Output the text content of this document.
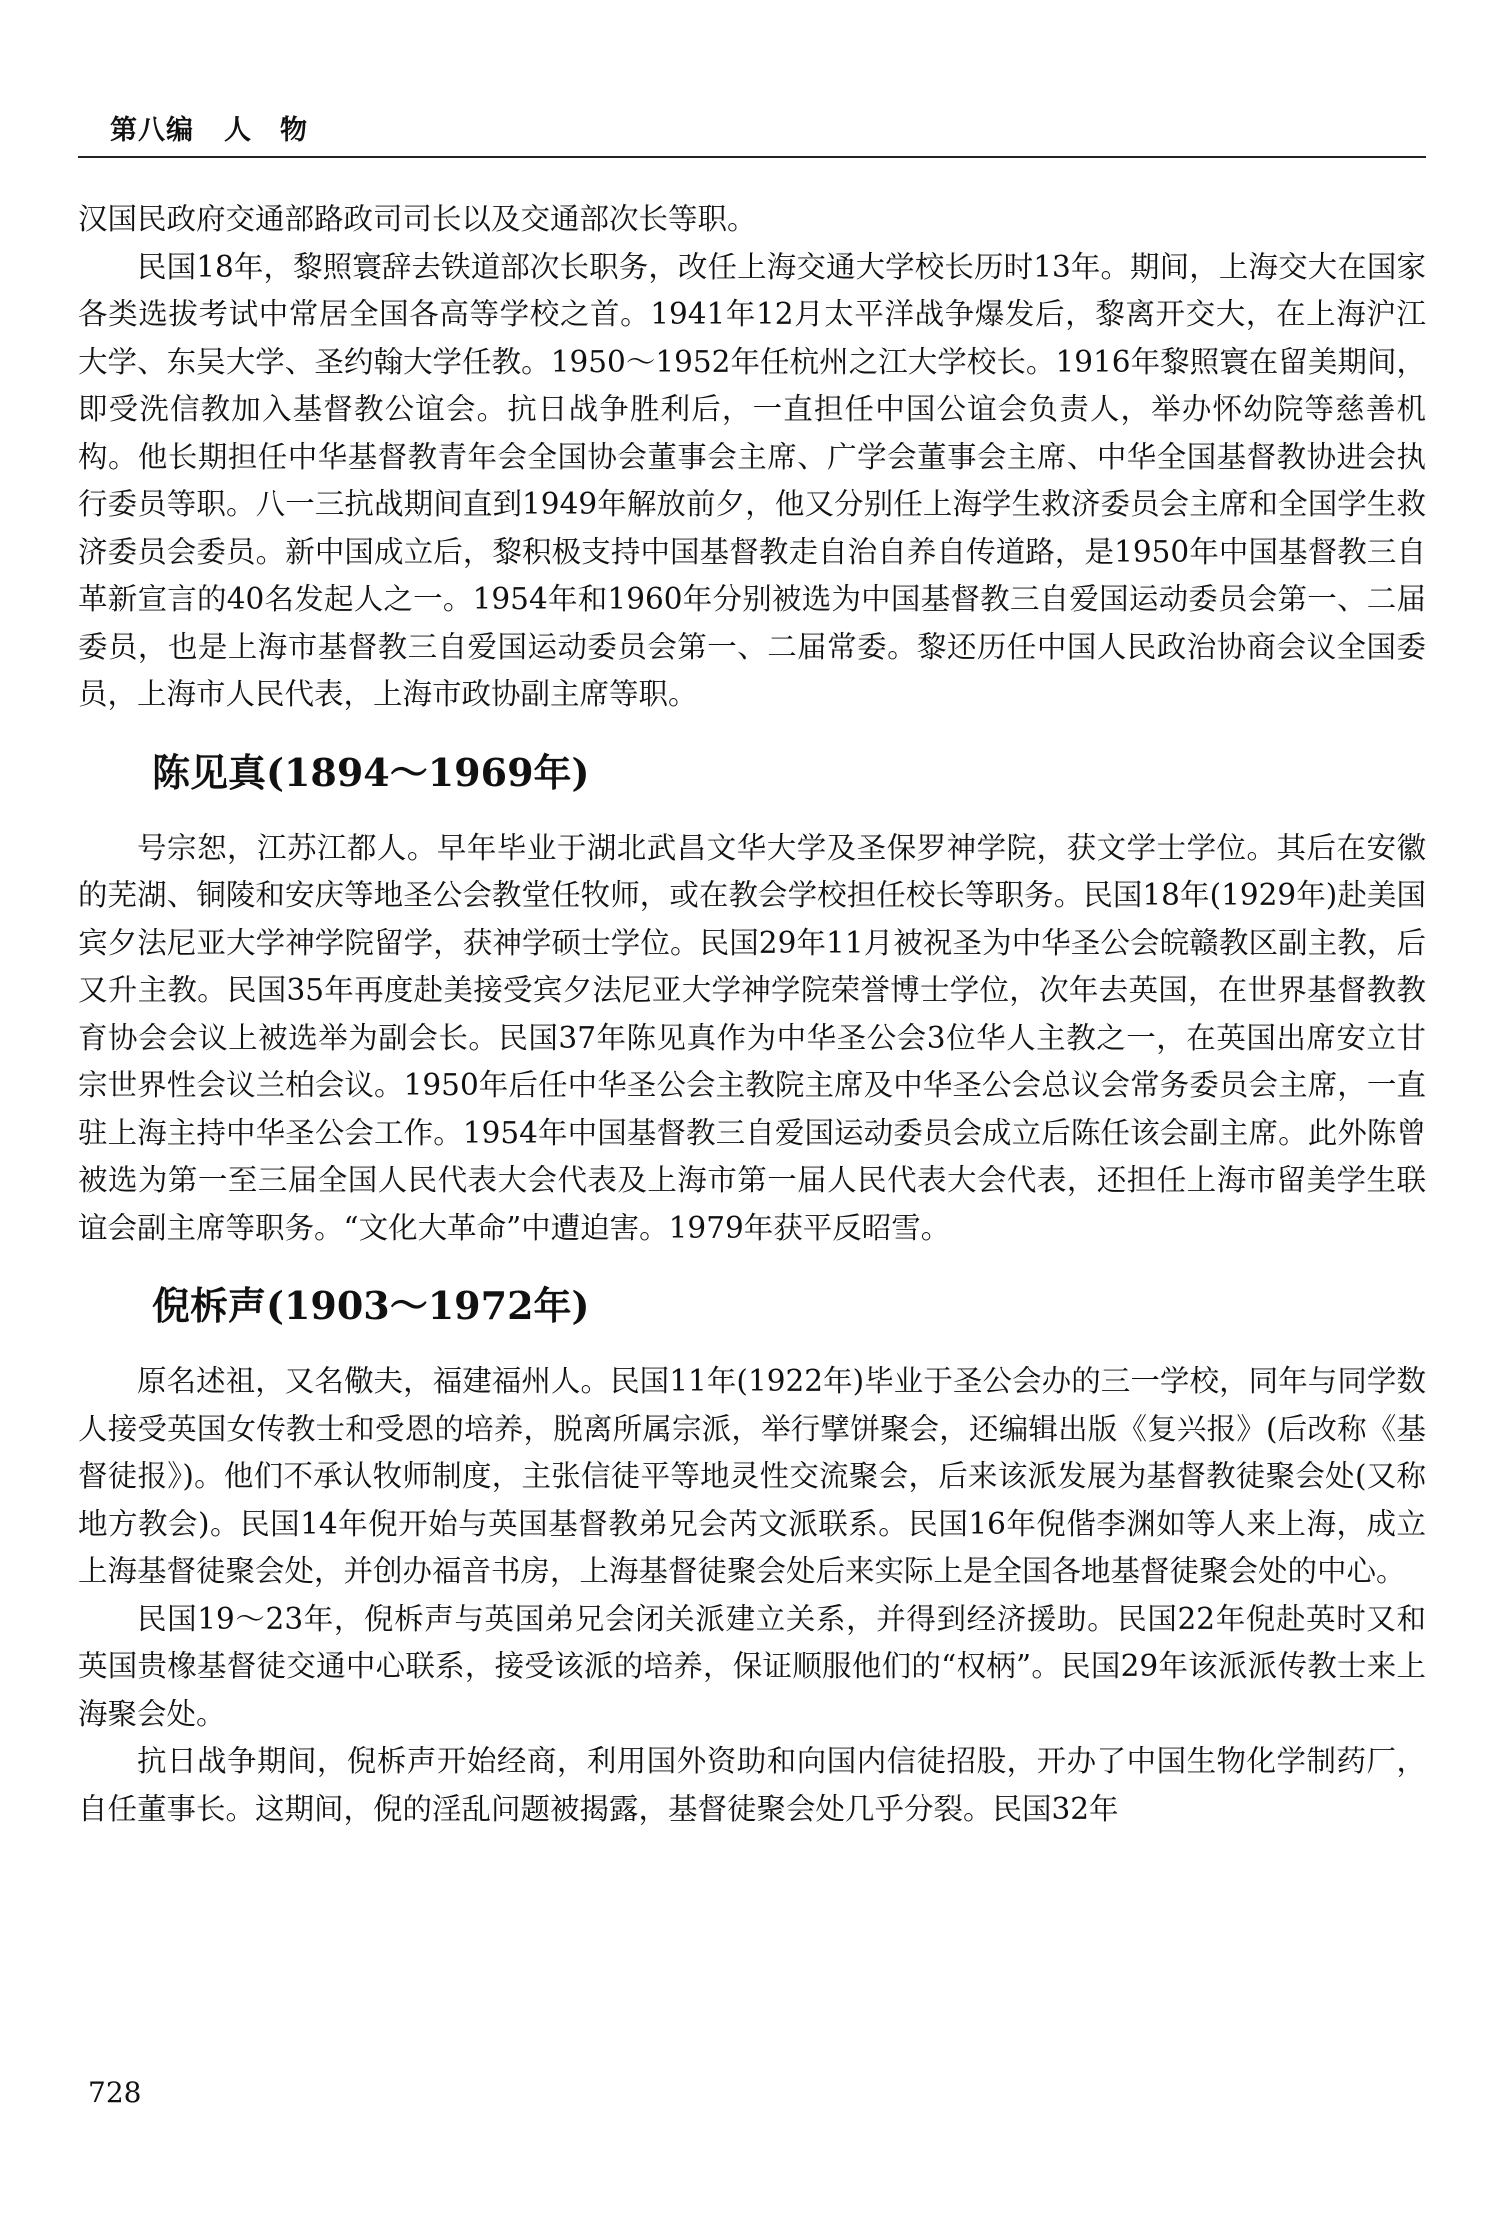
第八编 人　物

汉国民政府交通部路政司司长以及交通部次长等职。

民国18年，黎照寰辞去铁道部次长职务，改任上海交通大学校长历时13年。期间，上海交大在国家各类选拔考试中常居全国各高等学校之首。1941年12月太平洋战争爆发后，黎离开交大，在上海沪江大学、东吴大学、圣约翰大学任教。1950～1952年任杭州之江大学校长。1916年黎照寰在留美期间，即受洗信教加入基督教公谊会。抗日战争胜利后，一直担任中国公谊会负责人，举办怀幼院等慈善机构。他长期担任中华基督教青年会全国协会董事会主席、广学会董事会主席、中华全国基督教协进会执行委员等职。八一三抗战期间直到1949年解放前夕，他又分别任上海学生救济委员会主席和全国学生救济委员会委员。新中国成立后，黎积极支持中国基督教走自治自养自传道路，是1950年中国基督教三自革新宣言的40名发起人之一。1954年和1960年分别被选为中国基督教三自爱国运动委员会第一、二届委员，也是上海市基督教三自爱国运动委员会第一、二届常委。黎还历任中国人民政治协商会议全国委员，上海市人民代表，上海市政协副主席等职。

陈见真(1894～1969年)

号宗恕，江苏江都人。早年毕业于湖北武昌文华大学及圣保罗神学院，获文学士学位。其后在安徽的芜湖、铜陵和安庆等地圣公会教堂任牧师，或在教会学校担任校长等职务。民国18年(1929年)赴美国宾夕法尼亚大学神学院留学，获神学硕士学位。民国29年11月被祝圣为中华圣公会皖赣教区副主教，后又升主教。民国35年再度赴美接受宾夕法尼亚大学神学院荣誉博士学位，次年去英国，在世界基督教教育协会会议上被选举为副会长。民国37年陈见真作为中华圣公会3位华人主教之一，在英国出席安立甘宗世界性会议兰柏会议。1950年后任中华圣公会主教院主席及中华圣公会总议会常务委员会主席，一直驻上海主持中华圣公会工作。1954年中国基督教三自爱国运动委员会成立后陈任该会副主席。此外陈曾被选为第一至三届全国人民代表大会代表及上海市第一届人民代表大会代表，还担任上海市留美学生联谊会副主席等职务。“文化大革命”中遭迫害。1979年获平反昭雪。

倪柝声(1903～1972年)

原名述祖，又名儆夫，福建福州人。民国11年(1922年)毕业于圣公会办的三一学校，同年与同学数人接受英国女传教士和受恩的培养，脱离所属宗派，举行擘饼聚会，还编辑出版《复兴报》(后改称《基督徒报》)。他们不承认牧师制度，主张信徒平等地灵性交流聚会，后来该派发展为基督教徒聚会处(又称地方教会)。民国14年倪开始与英国基督教弟兄会芮文派联系。民国16年倪偕李渊如等人来上海，成立上海基督徒聚会处，并创办福音书房，上海基督徒聚会处后来实际上是全国各地基督徒聚会处的中心。

民国19～23年，倪柝声与英国弟兄会闭关派建立关系，并得到经济援助。民国22年倪赴英时又和英国贵橡基督徒交通中心联系，接受该派的培养，保证顺服他们的“权柄”。民国29年该派派传教士来上海聚会处。

抗日战争期间，倪柝声开始经商，利用国外资助和向国内信徒招股，开办了中国生物化学制药厂，自任董事长。这期间，倪的淫乱问题被揭露，基督徒聚会处几乎分裂。民国32年

728
